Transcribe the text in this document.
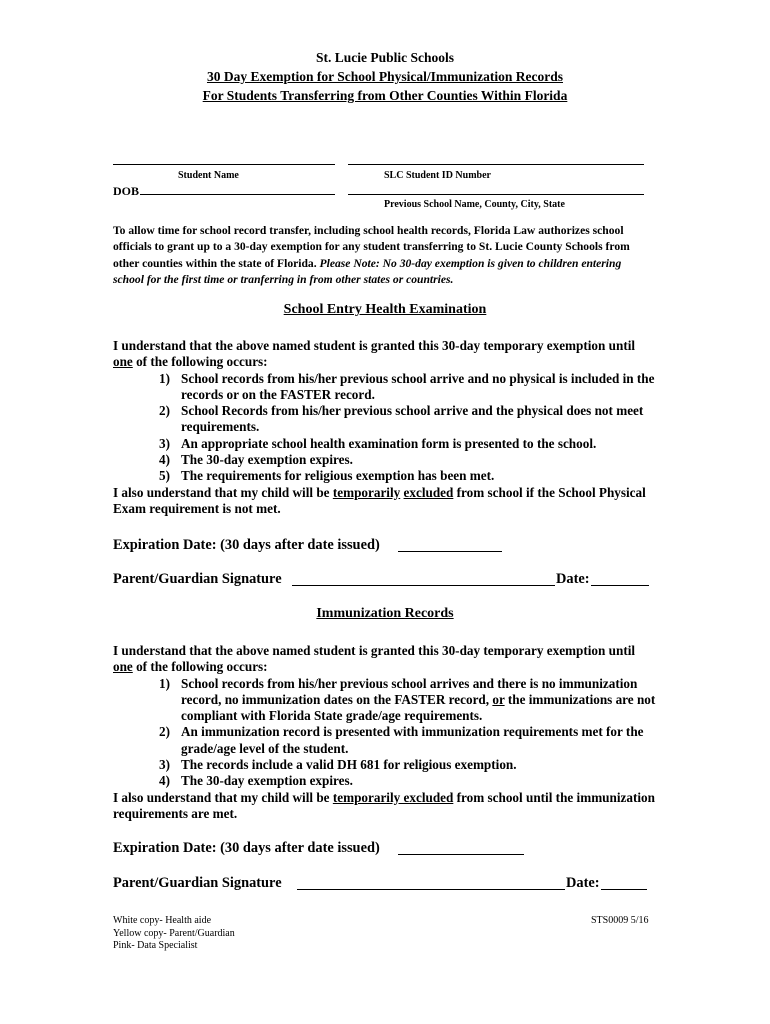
St. Lucie Public Schools
30 Day Exemption for School Physical/Immunization Records
For Students Transferring from Other Counties Within Florida
Student Name	SLC Student ID Number
DOB
Previous School Name, County, City, State
To allow time for school record transfer, including school health records, Florida Law authorizes school officials to grant up to a 30-day exemption for any student transferring to St. Lucie County Schools from other counties within the state of Florida. Please Note: No 30-day exemption is given to children entering school for the first time or tranferring in from other states or countries.
School Entry Health Examination
I understand that the above named student is granted this 30-day temporary exemption until one of the following occurs:
1) School records from his/her previous school arrive and no physical is included in the records or on the FASTER record.
2) School Records from his/her previous school arrive and the physical does not meet requirements.
3) An appropriate school health examination form is presented to the school.
4) The 30-day exemption expires.
5) The requirements for religious exemption has been met.
I also understand that my child will be temporarily excluded from school if the School Physical Exam requirement is not met.
Expiration Date: (30 days after date issued)
Parent/Guardian Signature	Date:
Immunization Records
I understand that the above named student is granted this 30-day temporary exemption until one of the following occurs:
1) School records from his/her previous school arrives and there is no immunization record, no immunization dates on the FASTER record, or the immunizations are not compliant with Florida State grade/age requirements.
2) An immunization record is presented with immunization requirements met for the grade/age level of the student.
3) The records include a valid DH 681 for religious exemption.
4) The 30-day exemption expires.
I also understand that my child will be temporarily excluded from school until the immunization requirements are met.
Expiration Date: (30 days after date issued)
Parent/Guardian Signature	Date:
White copy- Health aide
Yellow copy- Parent/Guardian
Pink- Data Specialist
STS0009 5/16
